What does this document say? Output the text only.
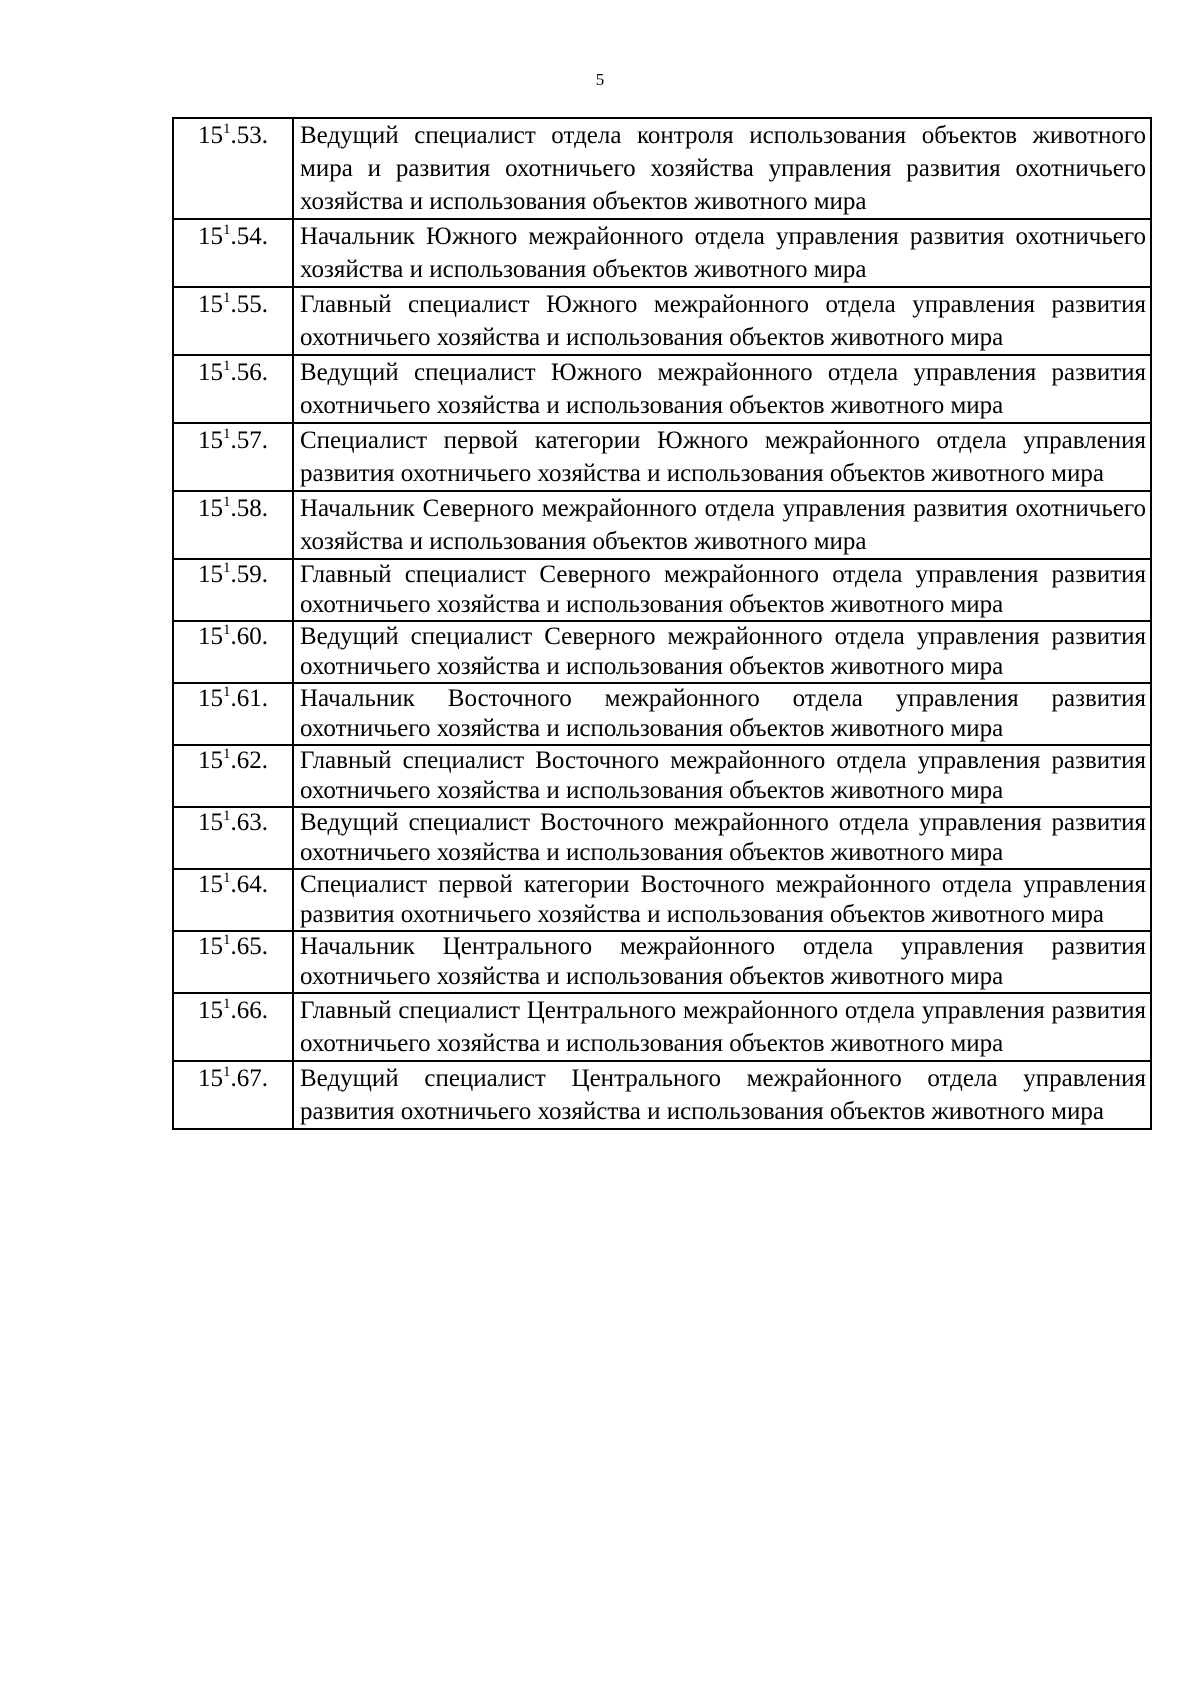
5
$15^1.53$.	Ведущий специалист отдела контроля использования объектов животного мира и развития охотничьего хозяйства управления развития охотничьего хозяйства и использования объектов животного мира
$15^1.54$.	Начальник Южного межрайонного отдела управления развития охотничьего хозяйства и использования объектов животного мира
$15^1.55$.	Главный специалист Южного межрайонного отдела управления развития охотничьего хозяйства и использования объектов животного мира
$15^1.56$.	Ведущий специалист Южного межрайонного отдела управления развития охотничьего хозяйства и использования объектов животного мира
$15^1.57$.	Специалист первой категории Южного межрайонного отдела управления развития охотничьего хозяйства и использования объектов животного мира
$15^1.58$.	Начальник Северного межрайонного отдела управления развития охотничьего хозяйства и использования объектов животного мира
$15^1.59$.	Главный специалист Северного межрайонного отдела управления развития охотничьего хозяйства и использования объектов животного мира
$15^1.60$.	Ведущий специалист Северного межрайонного отдела управления развития охотничьего хозяйства и использования объектов животного мира
$15^1.61$.	Начальник Восточного межрайонного отдела управления развития охотничьего хозяйства и использования объектов животного мира
$15^1.62$.	Главный специалист Восточного межрайонного отдела управления развития охотничьего хозяйства и использования объектов животного мира
$15^1.63$.	Ведущий специалист Восточного межрайонного отдела управления развития охотничьего хозяйства и использования объектов животного мира
$15^1.64$.	Специалист первой категории Восточного межрайонного отдела управления развития охотничьего хозяйства и использования объектов животного мира
$15^1.65$.	Начальник Центрального межрайонного отдела управления развития охотничьего хозяйства и использования объектов животного мира
$15^1.66$.	Главный специалист Центрального межрайонного отдела управления развития охотничьего хозяйства и использования объектов животного мира
$15^1.67$.	Ведущий специалист Центрального межрайонного отдела управления развития охотничьего хозяйства и использования объектов животного мира
